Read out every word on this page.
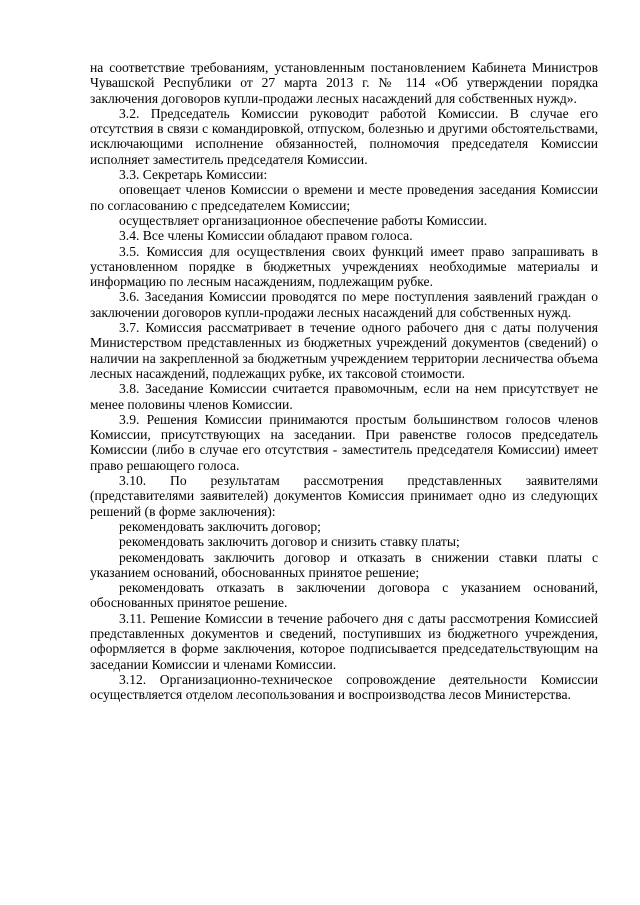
на соответствие требованиям, установленным постановлением Кабинета Министров Чувашской Республики от 27 марта 2013 г. № 114 «Об утверждении порядка заключения договоров купли-продажи лесных насаждений для собственных нужд».

3.2. Председатель Комиссии руководит работой Комиссии. В случае его отсутствия в связи с командировкой, отпуском, болезнью и другими обстоятельствами, исключающими исполнение обязанностей, полномочия председателя Комиссии исполняет заместитель председателя Комиссии.

3.3. Секретарь Комиссии:

оповещает членов Комиссии о времени и месте проведения заседания Комиссии по согласованию с председателем Комиссии;

осуществляет организационное обеспечение работы Комиссии.

3.4. Все члены Комиссии обладают правом голоса.

3.5. Комиссия для осуществления своих функций имеет право запрашивать в установленном порядке в бюджетных учреждениях необходимые материалы и информацию по лесным насаждениям, подлежащим рубке.

3.6. Заседания Комиссии проводятся по мере поступления заявлений граждан о заключении договоров купли-продажи лесных насаждений для собственных нужд.

3.7. Комиссия рассматривает в течение одного рабочего дня с даты получения Министерством представленных из бюджетных учреждений документов (сведений) о наличии на закрепленной за бюджетным учреждением территории лесничества объема лесных насаждений, подлежащих рубке, их таксовой стоимости.

3.8. Заседание Комиссии считается правомочным, если на нем присутствует не менее половины членов Комиссии.

3.9. Решения Комиссии принимаются простым большинством голосов членов Комиссии, присутствующих на заседании. При равенстве голосов председатель Комиссии (либо в случае его отсутствия - заместитель председателя Комиссии) имеет право решающего голоса.

3.10. По результатам рассмотрения представленных заявителями (представителями заявителей) документов Комиссия принимает одно из следующих решений (в форме заключения):

рекомендовать заключить договор;

рекомендовать заключить договор и снизить ставку платы;

рекомендовать заключить договор и отказать в снижении ставки платы с указанием оснований, обоснованных принятое решение;

рекомендовать отказать в заключении договора с указанием оснований, обоснованных принятое решение.

3.11. Решение Комиссии в течение рабочего дня с даты рассмотрения Комиссией представленных документов и сведений, поступивших из бюджетного учреждения, оформляется в форме заключения, которое подписывается председательствующим на заседании Комиссии и членами Комиссии.

3.12. Организационно-техническое сопровождение деятельности Комиссии осуществляется отделом лесопользования и воспроизводства лесов Министерства.
